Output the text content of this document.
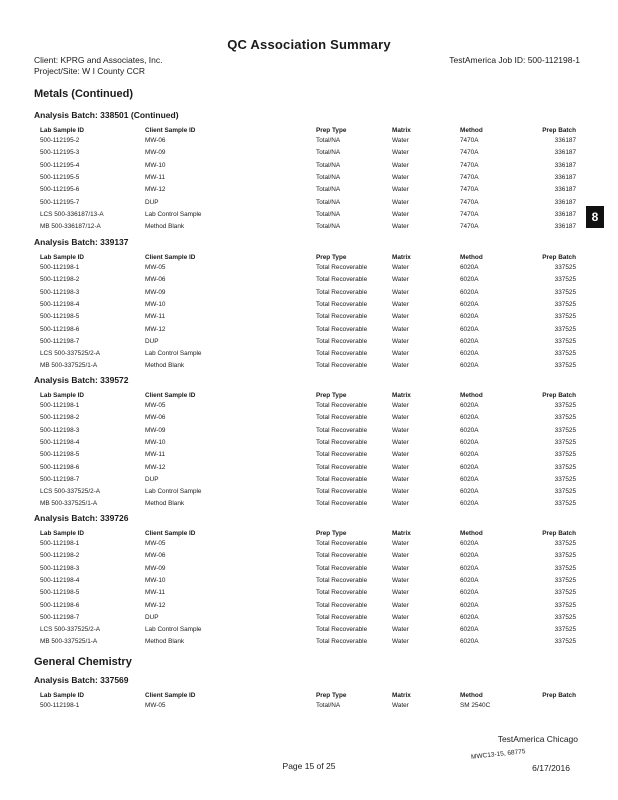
QC Association Summary
Client: KPRG and Associates, Inc.
Project/Site: W I County CCR
TestAmerica Job ID: 500-112198-1
8
Metals (Continued)
Analysis Batch: 338501 (Continued)
Lab Sample ID	Client Sample ID	Prep Type	Matrix	Method	Prep Batch
500-112195-2	MW-06	Total/NA	Water	7470A	336187
500-112195-3	MW-09	Total/NA	Water	7470A	336187
500-112195-4	MW-10	Total/NA	Water	7470A	336187
500-112195-5	MW-11	Total/NA	Water	7470A	336187
500-112195-6	MW-12	Total/NA	Water	7470A	336187
500-112195-7	DUP	Total/NA	Water	7470A	336187
LCS 500-336187/13-A	Lab Control Sample	Total/NA	Water	7470A	336187
MB 500-336187/12-A	Method Blank	Total/NA	Water	7470A	336187
Analysis Batch: 339137
Lab Sample ID	Client Sample ID	Prep Type	Matrix	Method	Prep Batch
500-112198-1	MW-05	Total Recoverable	Water	6020A	337525
500-112198-2	MW-06	Total Recoverable	Water	6020A	337525
500-112198-3	MW-09	Total Recoverable	Water	6020A	337525
500-112198-4	MW-10	Total Recoverable	Water	6020A	337525
500-112198-5	MW-11	Total Recoverable	Water	6020A	337525
500-112198-6	MW-12	Total Recoverable	Water	6020A	337525
500-112198-7	DUP	Total Recoverable	Water	6020A	337525
LCS 500-337525/2-A	Lab Control Sample	Total Recoverable	Water	6020A	337525
MB 500-337525/1-A	Method Blank	Total Recoverable	Water	6020A	337525
Analysis Batch: 339572
Lab Sample ID	Client Sample ID	Prep Type	Matrix	Method	Prep Batch
500-112198-1	MW-05	Total Recoverable	Water	6020A	337525
500-112198-2	MW-06	Total Recoverable	Water	6020A	337525
500-112198-3	MW-09	Total Recoverable	Water	6020A	337525
500-112198-4	MW-10	Total Recoverable	Water	6020A	337525
500-112198-5	MW-11	Total Recoverable	Water	6020A	337525
500-112198-6	MW-12	Total Recoverable	Water	6020A	337525
500-112198-7	DUP	Total Recoverable	Water	6020A	337525
LCS 500-337525/2-A	Lab Control Sample	Total Recoverable	Water	6020A	337525
MB 500-337525/1-A	Method Blank	Total Recoverable	Water	6020A	337525
Analysis Batch: 339726
Lab Sample ID	Client Sample ID	Prep Type	Matrix	Method	Prep Batch
500-112198-1	MW-05	Total Recoverable	Water	6020A	337525
500-112198-2	MW-06	Total Recoverable	Water	6020A	337525
500-112198-3	MW-09	Total Recoverable	Water	6020A	337525
500-112198-4	MW-10	Total Recoverable	Water	6020A	337525
500-112198-5	MW-11	Total Recoverable	Water	6020A	337525
500-112198-6	MW-12	Total Recoverable	Water	6020A	337525
500-112198-7	DUP	Total Recoverable	Water	6020A	337525
LCS 500-337525/2-A	Lab Control Sample	Total Recoverable	Water	6020A	337525
MB 500-337525/1-A	Method Blank	Total Recoverable	Water	6020A	337525
General Chemistry
Analysis Batch: 337569
Lab Sample ID	Client Sample ID	Prep Type	Matrix	Method	Prep Batch
500-112198-1	MW-05	Total/NA	Water	SM 2540C
TestAmerica Chicago
MWC13-15, 68775
Page 15 of 25	6/17/2016
